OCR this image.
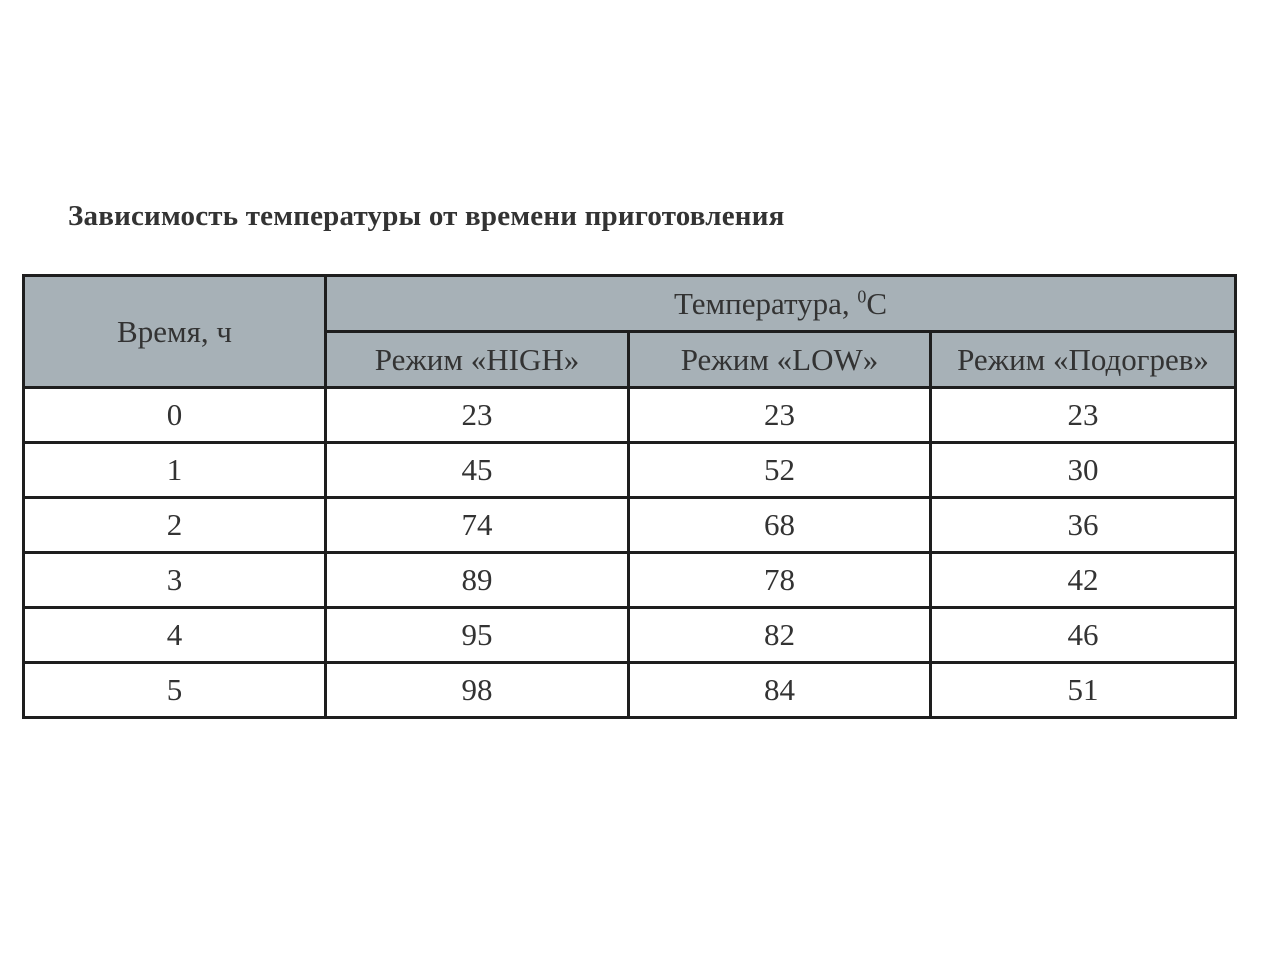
Зависимость температуры от времени приготовления
Время, ч	Температура, $^0$С		
	Режим «HIGH»	Режим «LOW»	Режим «Подогрев»
0	23	23	23
1	45	52	30
2	74	68	36
3	89	78	42
4	95	82	46
5	98	84	51
